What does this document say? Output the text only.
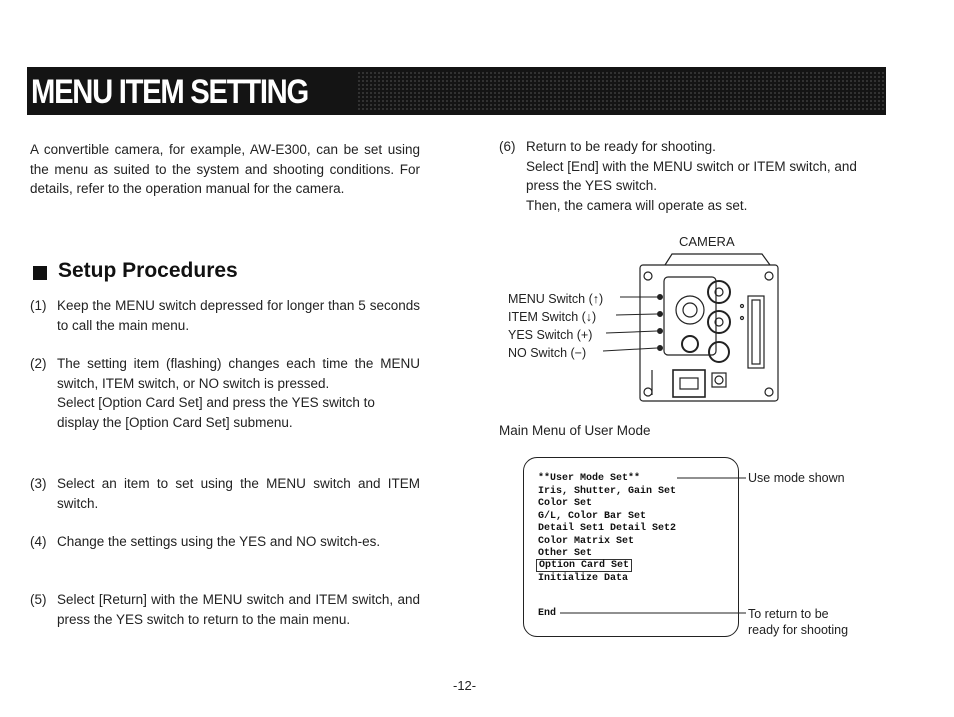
MENU ITEM SETTING
A convertible camera, for example, AW-E300, can be set using the menu as suited to the system and shooting conditions. For details, refer to the operation manual for the camera.
Setup Procedures
(1) Keep the MENU switch depressed for longer than 5 seconds to call the main menu.
(2) The setting item (flashing) changes each time the MENU switch, ITEM switch, or NO switch is pressed.
Select [Option Card Set] and press the YES switch to display the [Option Card Set] submenu.
(3) Select an item to set using the MENU switch and ITEM switch.
(4) Change the settings using the YES and NO switch-es.
(5) Select [Return] with the MENU switch and ITEM switch, and press the YES switch to return to the main menu.
(6) Return to be ready for shooting.
Select [End] with the MENU switch or ITEM switch, and press the YES switch.
Then, the camera will operate as set.
CAMERA
MENU Switch (↑)
ITEM Switch (↓)
YES Switch (+)
NO Switch (−)
Main Menu of User Mode
**User Mode Set**
Iris, Shutter, Gain Set
Color Set
G/L, Color Bar Set
Detail Set1 Detail Set2
Color Matrix Set
Other Set
Option Card Set
Initialize Data
End
Use mode shown
To return to be
ready for shooting
-12-
